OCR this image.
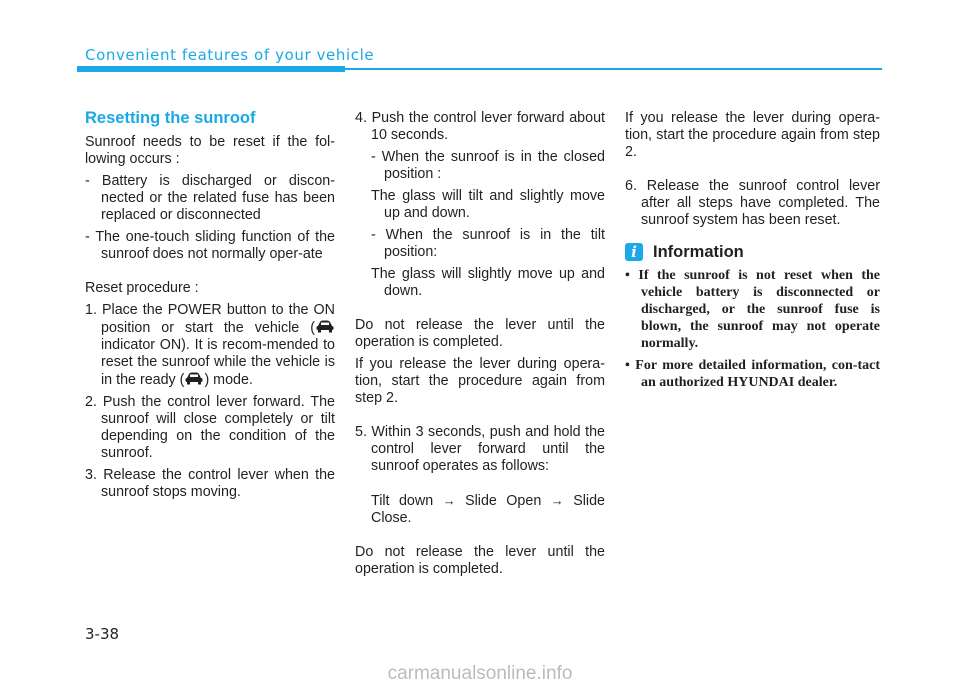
Convenient features of your vehicle
Resetting the sunroof

Sunroof needs to be reset if the fol-lowing occurs :

- Battery is discharged or discon-nected or the related fuse has been replaced or disconnected

- The one-touch sliding function of the sunroof does not normally oper-ate

Reset procedure :

1. Place the POWER button to the ON position or start the vehicle ( indicator ON). It is recom-mended to reset the sunroof while the vehicle is in the ready ( ) mode.

2. Push the control lever forward. The sunroof will close completely or tilt depending on the condition of the sunroof.

3. Release the control lever when the sunroof stops moving.

4. Push the control lever forward about 10 seconds.

- When the sunroof is in the closed position :

The glass will tilt and slightly move up and down.

- When the sunroof is in the tilt position:

The glass will slightly move up and down.

Do not release the lever until the operation is completed.

If you release the lever during opera-tion, start the procedure again from step 2.

5. Within 3 seconds, push and hold the control lever forward until the sunroof operates as follows:

Tilt down → Slide Open → Slide Close.

Do not release the lever until the operation is completed.

If you release the lever during opera-tion, start the procedure again from step 2.

6. Release the sunroof control lever after all steps have completed. The sunroof system has been reset.

i Information
• If the sunroof is not reset when the vehicle battery is disconnected or discharged, or the sunroof fuse is blown, the sunroof may not operate normally.
• For more detailed information, con-tact an authorized HYUNDAI dealer.
3-38
carmanualsonline.info
